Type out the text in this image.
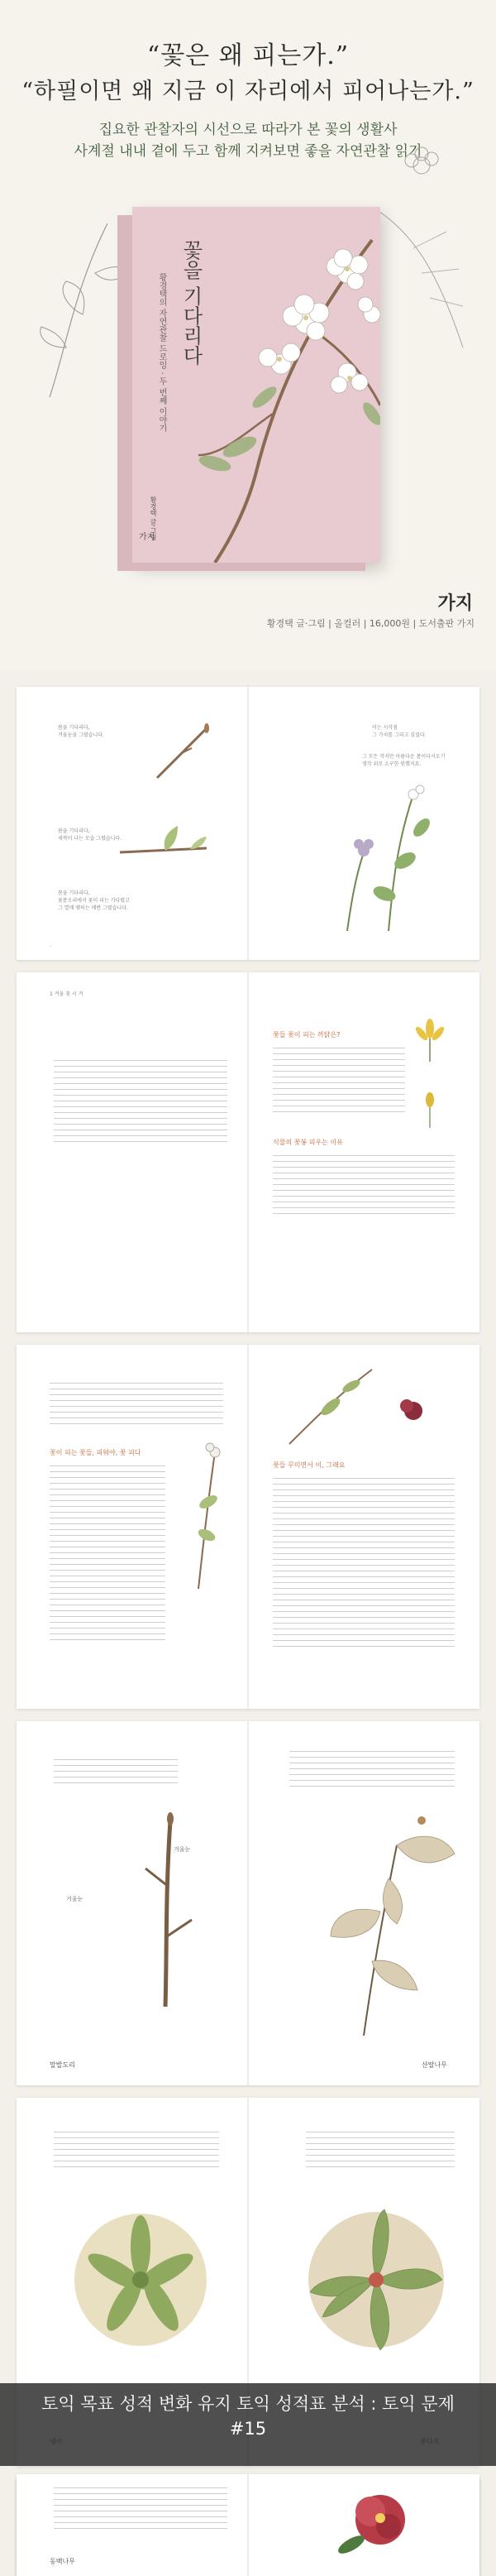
“꽃은 왜 피는가.”
“하필이면 왜 지금 이 자리에서 피어나는가.”
집요한 관찰자의 시선으로 따라가 본 꽃의 생활사
사계절 내내 곁에 두고 함께 지켜보면 좋을 자연관찰 읽기
꽃을 기다리다
황경택의 자연관찰 드로잉 · 두 번째 이야기
황경택 글·그림
가지
가지
황경택 글·그림 | 올컬러 | 16,000원 | 도서출판 가지
봄을 기다리다,
겨울눈을 그렸습니다.
봄을 기다리다,
새싹이 나는 모습 그렸습니다.
봄을 기다리다,
꽃봉오리에서 꽃이 피는 기다렸고
그 열매 맺히는 매번 그렸습니다.
이는 시작점
그 가치를 그리고 싶었다.
그 모든 작지만 아름다운 봄이다시오기
생각 위로 소구한 원했지요.
·
1 겨울 꽃 시 겨
꽃들 꽃이 피는 까닭은?
식물의 꽃봉 피우는 이유
꽃이 피는 꽃들, 피워야, 꽃 피다
꽃들 꾸미면서 이, 그래요
겨울눈
겨울눈
말발도리	산딸나무
동백나무
토익 목표 성적 변화 유지 토익 성적표 분석 : 토익 문제
#15
